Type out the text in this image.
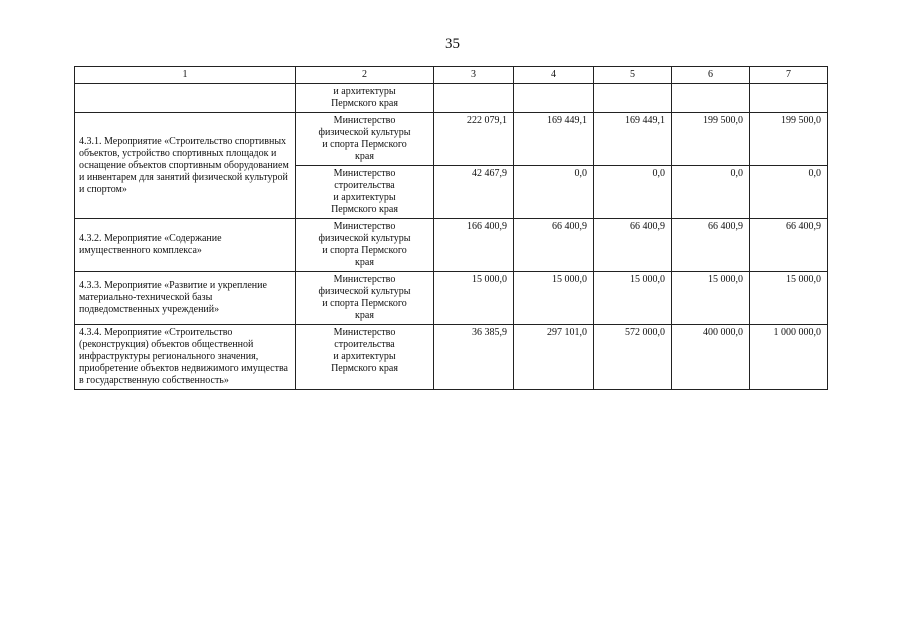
35
1	2	3	4	5	6	7
	и архитектуры
Пермского края					
4.3.1. Мероприятие «Строительство спортивных объектов, устройство спортивных площадок и оснащение объектов спортивным оборудованием и инвентарем для занятий физической культурой и спортом»	Министерство
физической культуры
и спорта Пермского
края	222 079,1	169 449,1	169 449,1	199 500,0	199 500,0
	Министерство
строительства
и архитектуры
Пермского края	42 467,9	0,0	0,0	0,0	0,0
4.3.2. Мероприятие «Содержание имущественного комплекса»	Министерство
физической культуры
и спорта Пермского
края	166 400,9	66 400,9	66 400,9	66 400,9	66 400,9
4.3.3. Мероприятие «Развитие и укрепление материально-технической базы подведомственных учреждений»	Министерство
физической культуры
и спорта Пермского
края	15 000,0	15 000,0	15 000,0	15 000,0	15 000,0
4.3.4. Мероприятие «Строительство (реконструкция) объектов общественной инфраструктуры регионального значения, приобретение объектов недвижимого имущества в государственную собственность»	Министерство
строительства
и архитектуры
Пермского края	36 385,9	297 101,0	572 000,0	400 000,0	1 000 000,0
